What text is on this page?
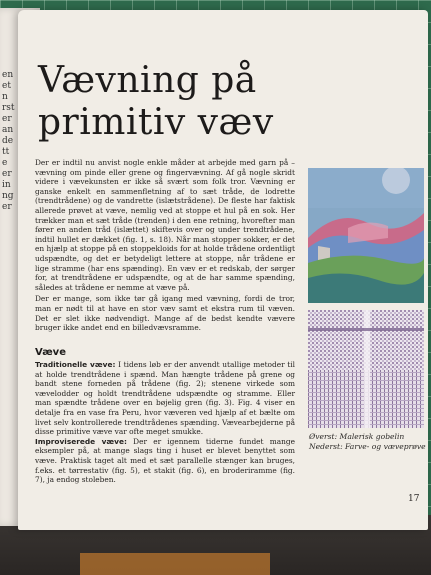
en
et
n
rst
er
an
de
tt
e
er
in
ng
er
Vævning på
primitiv væv

Der er indtil nu anvist nogle enkle måder at arbejde med garn på – vævning om pinde eller grene og fingervævning. Af gå nogle skridt videre i vævekunsten er ikke så svært som folk tror. Vævning er ganske enkelt en sammenfletning af to sæt tråde, de lodrette (trendtrådene) og de vandrette (islætstrådene). De fleste har faktisk allerede prøvet at væve, nemlig ved at stoppe et hul på en sok. Her trækker man et sæt tråde (trenden) i den ene retning, hvorefter man fører en anden tråd (islættet) skiftevis over og under trendtrådene, indtil hullet er dækket (fig. 1, s. 18). Når man stopper sokker, er det en hjælp at stoppe på en stoppekloids for at holde trådene ordentligt udspændte, og det er betydeligt lettere at stoppe, når trådene er lige stramme (har ens spænding). En væv er et redskab, der sørger for, at trendtrådene er udspændte, og at de har samme spænding, således at trådene er nemme at væve på.

Der er mange, som ikke tør gå igang med vævning, fordi de tror, man er nødt til at have en stor væv samt et ekstra rum til væven. Det er slet ikke nødvendigt. Mange af de bedst kendte vævere bruger ikke andet end en billedvævsramme.

Væve

Traditionelle væve: I tidens løb er der anvendt utallige metoder til at holde trendtrådene i spænd. Man hængte trådene på grene og bandt stene forneden på trådene (fig. 2); stenene virkede som vævelodder og holdt trendtrådene udspændte og stramme. Eller man spændte trådene over en bøjelig gren (fig. 3). Fig. 4 viser en detalje fra en vase fra Peru, hvor væveren ved hjælp af et bælte om livet selv kontrollerede trendtrådenes spænding. Vævearbejderne på disse primitive væve var ofte meget smukke.

Improviserede væve: Der er igennem tiderne fundet mange eksempler på, at mange slags ting i huset er blevet benyttet som væve. Praktisk taget alt med et sæt parallelle stænger kan bruges, f.eks. et tørrestativ (fig. 5), et stakit (fig. 6), en broderiramme (fig. 7), ja endog stoleben.

Øverst: Malerisk gobelin
Nederst: Farve- og væveprøve
17
